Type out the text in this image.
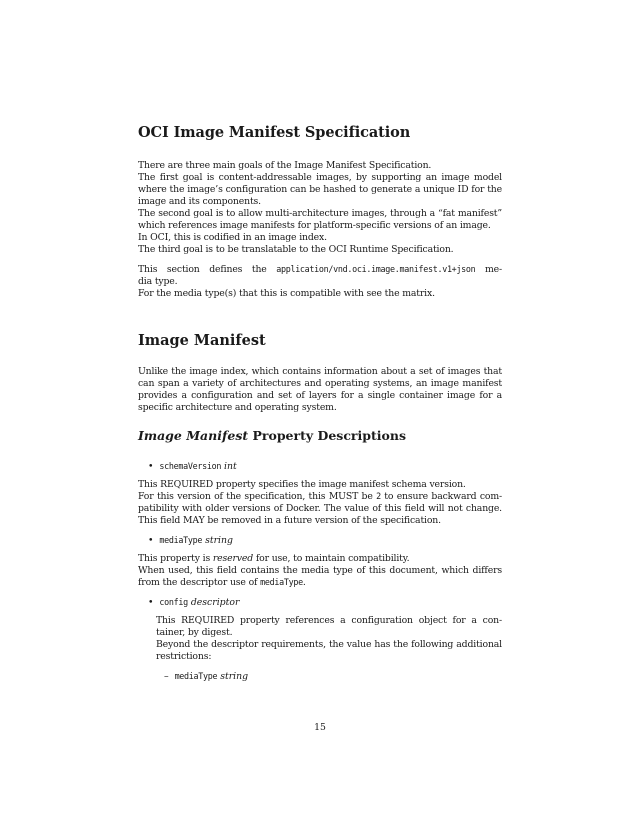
OCI Image Manifest Specification
There are three main goals of the Image Manifest Specification.
The first goal is content-addressable images, by supporting an image model
where the image’s configuration can be hashed to generate a unique ID for the
image and its components.
The second goal is to allow multi-architecture images, through a “fat manifest”
which references image manifests for platform-specific versions of an image.
In OCI, this is codified in an image index.
The third goal is to be translatable to the OCI Runtime Specification.
This section defines the application/vnd.oci.image.manifest.v1+json me-
dia type.
For the media type(s) that this is compatible with see the matrix.
Image Manifest
Unlike the image index, which contains information about a set of images that
can span a variety of architectures and operating systems, an image manifest
provides a configuration and set of layers for a single container image for a
specific architecture and operating system.
Image Manifest Property Descriptions
•  schemaVersion int
This REQUIRED property specifies the image manifest schema version.
For this version of the specification, this MUST be 2 to ensure backward com-
patibility with older versions of Docker. The value of this field will not change.
This field MAY be removed in a future version of the specification.
•  mediaType string
This property is reserved for use, to maintain compatibility.
When used, this field contains the media type of this document, which differs
from the descriptor use of mediaType.
•  config descriptor
This REQUIRED property references a configuration object for a con-
tainer, by digest.
Beyond the descriptor requirements, the value has the following additional
restrictions:
–  mediaType string
15
